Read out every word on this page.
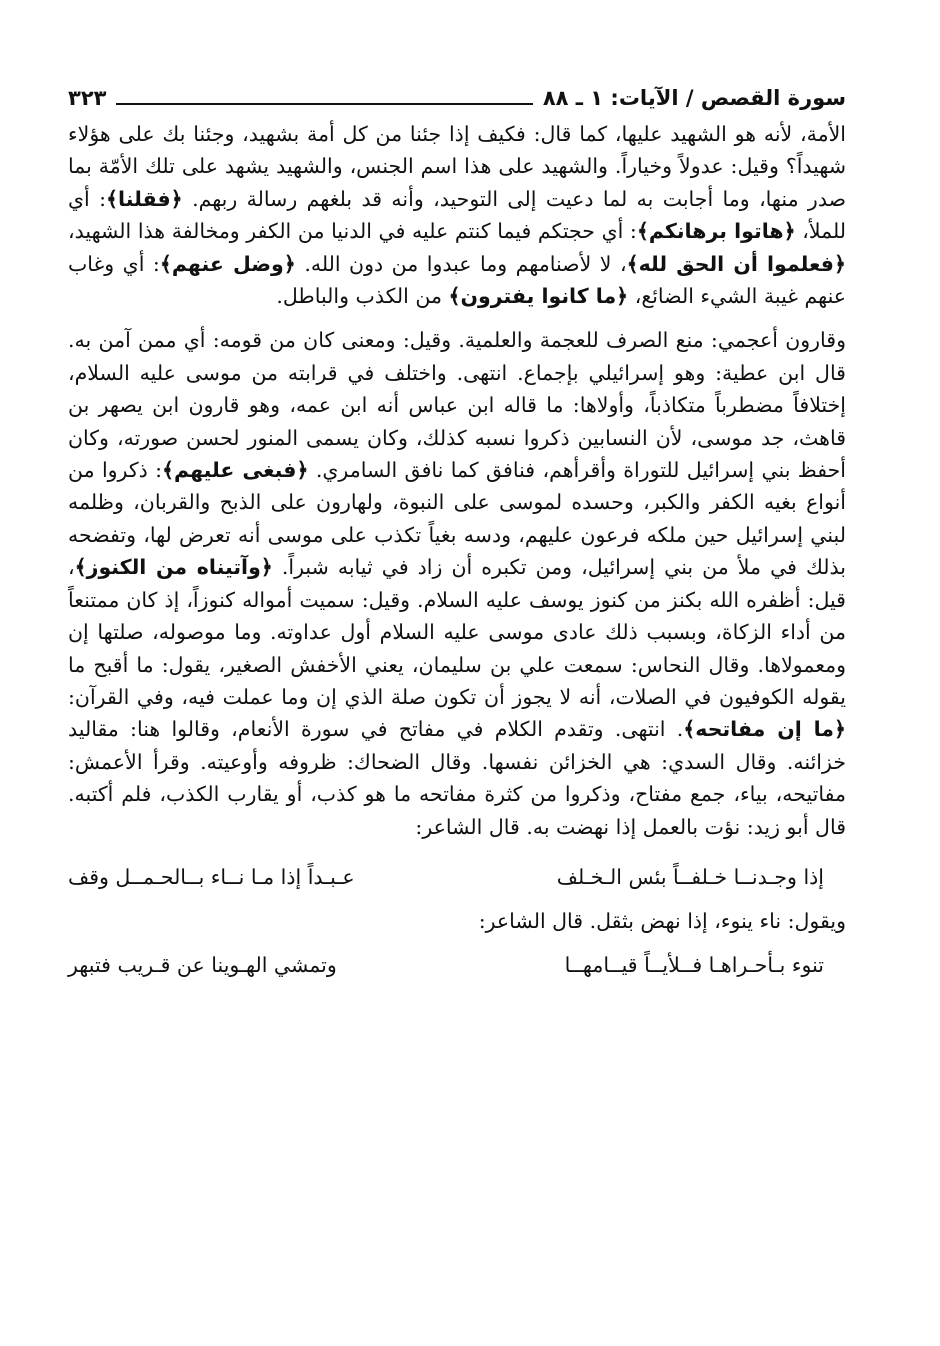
سورة القصص / الآيات: ١ ـ ٨٨
٣٢٣

الأمة، لأنه هو الشهيد عليها، كما قال: فكيف إذا جئنا من كل أمة بشهيد، وجئنا بك على هؤلاء شهيداً؟ وقيل: عدولاً وخياراً. والشهيد على هذا اسم الجنس، والشهيد يشهد على تلك الأمّة بما صدر منها، وما أجابت به لما دعيت إلى التوحيد، وأنه قد بلغهم رسالة ربهم. ﴿فقلنا﴾: أي للملأ، ﴿هاتوا برهانكم﴾: أي حجتكم فيما كنتم عليه في الدنيا من الكفر ومخالفة هذا الشهيد، ﴿فعلموا أن الحق لله﴾، لا لأصنامهم وما عبدوا من دون الله. ﴿وضل عنهم﴾: أي وغاب عنهم غيبة الشيء الضائع، ﴿ما كانوا يفترون﴾ من الكذب والباطل.

وقارون أعجمي: منع الصرف للعجمة والعلمية. وقيل: ومعنى كان من قومه: أي ممن آمن به. قال ابن عطية: وهو إسرائيلي بإجماع. انتهى. واختلف في قرابته من موسى عليه السلام، إختلافاً مضطرباً متكاذباً، وأولاها: ما قاله ابن عباس أنه ابن عمه، وهو قارون ابن يصهر بن قاهث، جد موسى، لأن النسابين ذكروا نسبه كذلك، وكان يسمى المنور لحسن صورته، وكان أحفظ بني إسرائيل للتوراة وأقرأهم، فنافق كما نافق السامري. ﴿فبغى عليهم﴾: ذكروا من أنواع بغيه الكفر والكبر، وحسده لموسى على النبوة، ولهارون على الذبح والقربان، وظلمه لبني إسرائيل حين ملكه فرعون عليهم، ودسه بغياً تكذب على موسى أنه تعرض لها، وتفضحه بذلك في ملأ من بني إسرائيل، ومن تكبره أن زاد في ثيابه شبراً. ﴿وآتيناه من الكنوز﴾، قيل: أظفره الله بكنز من كنوز يوسف عليه السلام. وقيل: سميت أمواله كنوزاً، إذ كان ممتنعاً من أداء الزكاة، وبسبب ذلك عادى موسى عليه السلام أول عداوته. وما موصوله، صلتها إن ومعمولاها. وقال النحاس: سمعت علي بن سليمان، يعني الأخفش الصغير، يقول: ما أقبح ما يقوله الكوفيون في الصلات، أنه لا يجوز أن تكون صلة الذي إن وما عملت فيه، وفي القرآن: ﴿ما إن مفاتحه﴾. انتهى. وتقدم الكلام في مفاتح في سورة الأنعام، وقالوا هنا: مقاليد خزائنه. وقال السدي: هي الخزائن نفسها. وقال الضحاك: ظروفه وأوعيته. وقرأ الأعمش: مفاتيحه، بياء، جمع مفتاح، وذكروا من كثرة مفاتحه ما هو كذب، أو يقارب الكذب، فلم أكتبه. قال أبو زيد: نؤت بالعمل إذا نهضت به. قال الشاعر:

إذا وجـدنــا خـلفــاً بئس الـخـلف
عـبـداً إذا مـا نــاء بــالحـمــل وقف

ويقول: ناء ينوء، إذا نهض بثقل. قال الشاعر:

تنوء بـأحـراهـا فــلأيــاً قيــامهــا
وتمشي الهـوينا عن قـريب فتبهر
